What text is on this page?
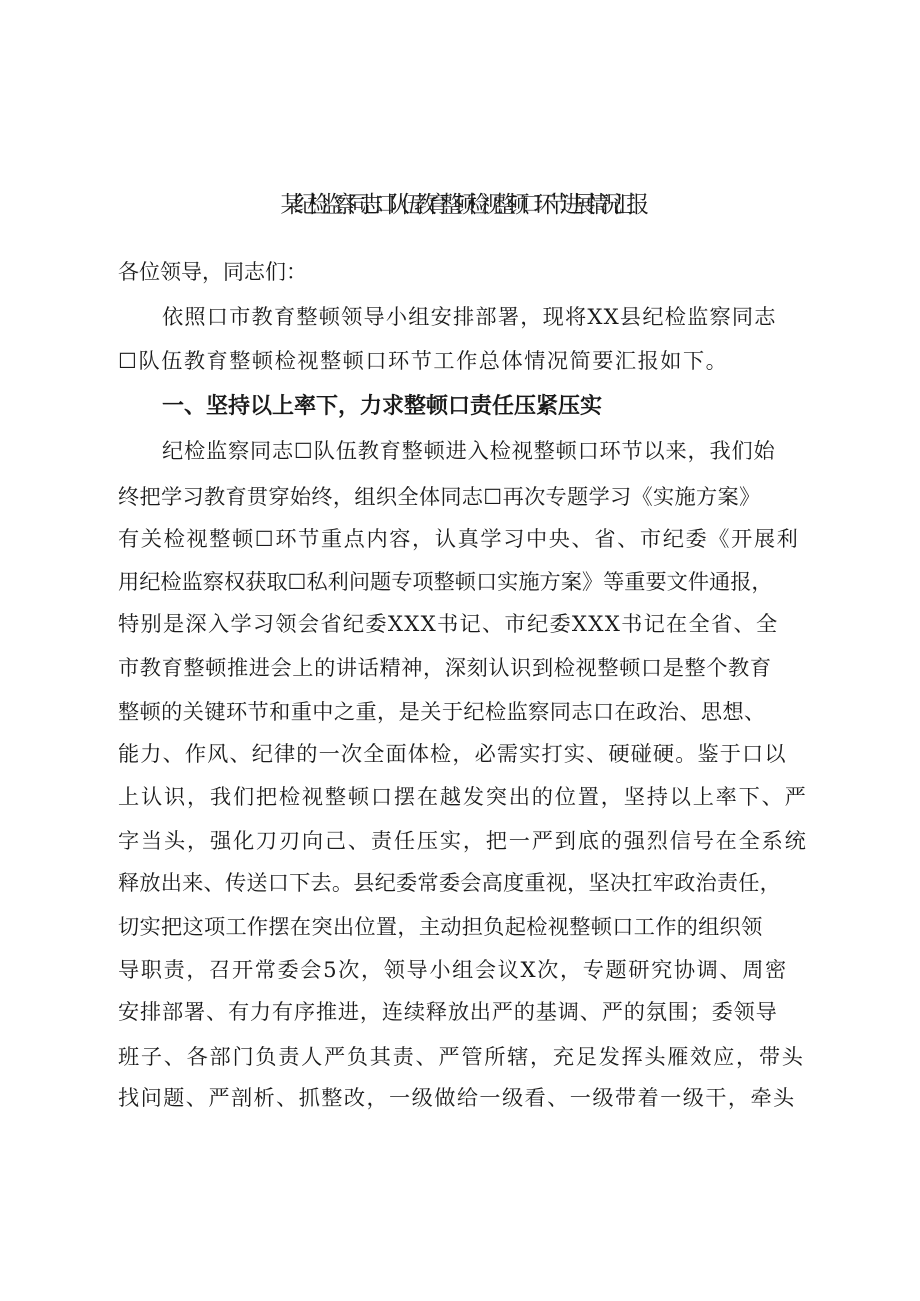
某纪检监察同志口队伍教育整顿检视整顿口环节进展情况汇报

各位领导，同志们：

依照口市教育整顿领导小组安排部署，现将XX县纪检监察同志

☐队伍教育整顿检视整顿口环节工作总体情况简要汇报如下。

一、坚持以上率下，力求整顿口责任压紧压实

纪检监察同志☐队伍教育整顿进入检视整顿口环节以来，我们始

终把学习教育贯穿始终，组织全体同志☐再次专题学习《实施方案》

有关检视整顿☐环节重点内容，认真学习中央、省、市纪委《开展利

用纪检监察权获取☐私利问题专项整顿口实施方案》等重要文件通报，

特别是深入学习领会省纪委XXX书记、市纪委XXX书记在全省、全

市教育整顿推进会上的讲话精神，深刻认识到检视整顿口是整个教育

整顿的关键环节和重中之重，是关于纪检监察同志口在政治、思想、

能力、作风、纪律的一次全面体检，必需实打实、硬碰硬。鉴于口以

上认识，我们把检视整顿口摆在越发突出的位置，坚持以上率下、严

字当头，强化刀刃向己、责任压实，把一严到底的强烈信号在全系统

释放出来、传送口下去。县纪委常委会高度重视，坚决扛牢政治责任，

切实把这项工作摆在突出位置，主动担负起检视整顿口工作的组织领

导职责，召开常委会5次，领导小组会议X次，专题研究协调、周密

安排部署、有力有序推进，连续释放出严的基调、严的氛围；委领导

班子、各部门负责人严负其责、严管所辖，充足发挥头雁效应，带头

找问题、严剖析、抓整改，一级做给一级看、一级带着一级干，牵头
